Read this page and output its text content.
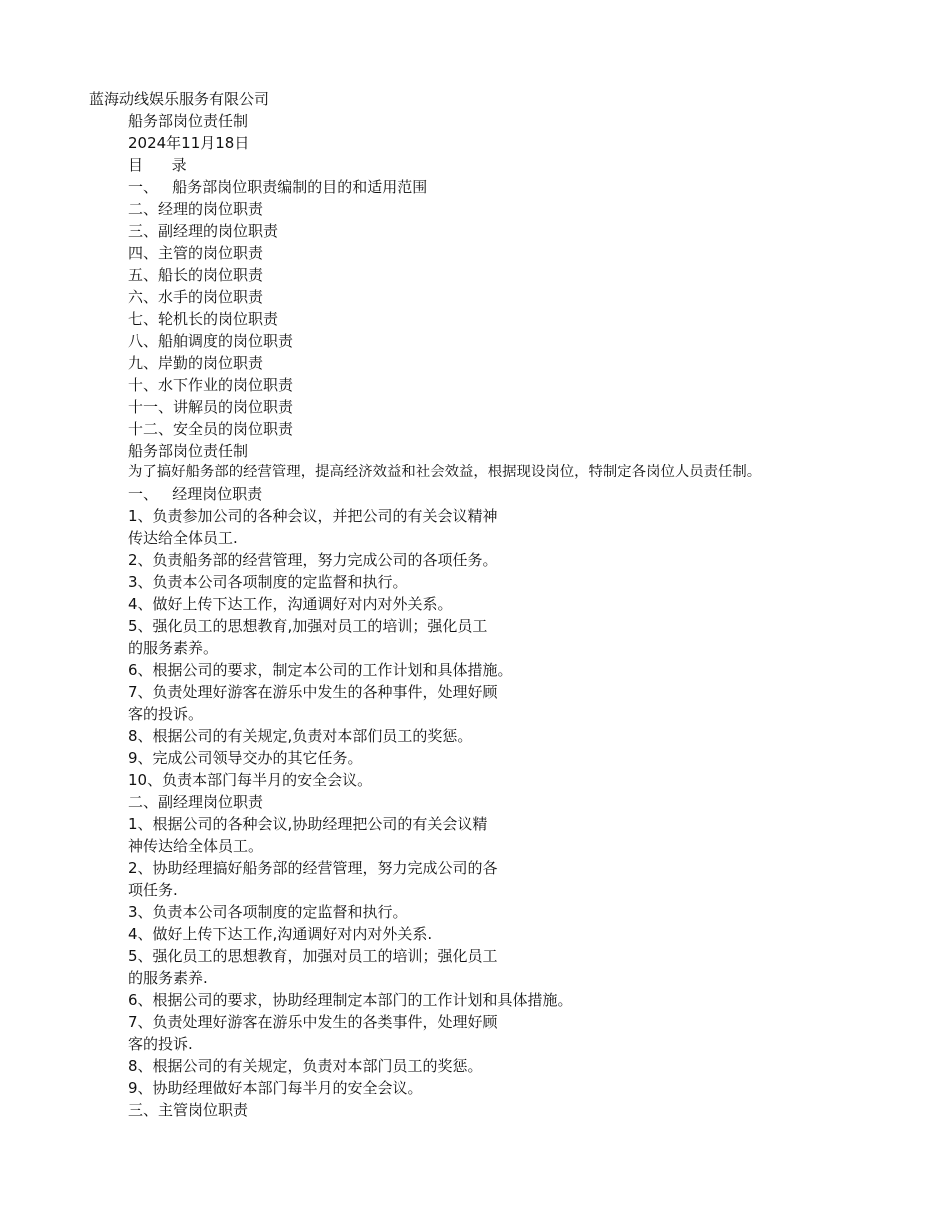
蓝海动线娱乐服务有限公司
船务部岗位责任制
2024年11月18日
目      录
一、   船务部岗位职责编制的目的和适用范围
二、经理的岗位职责
三、副经理的岗位职责
四、主管的岗位职责
五、船长的岗位职责
六、水手的岗位职责
七、轮机长的岗位职责
八、船舶调度的岗位职责
九、岸勤的岗位职责
十、水下作业的岗位职责
十一、讲解员的岗位职责
十二、安全员的岗位职责
船务部岗位责任制
为了搞好船务部的经营管理，提高经济效益和社会效益，根据现设岗位，特制定各岗位人员责任制。
一、   经理岗位职责
1、负责参加公司的各种会议，并把公司的有关会议精神
传达给全体员工.
2、负责船务部的经营管理，努力完成公司的各项任务。
3、负责本公司各项制度的定监督和执行。
4、做好上传下达工作，沟通调好对内对外关系。
5、强化员工的思想教育,加强对员工的培训；强化员工
的服务素养。
6、根据公司的要求，制定本公司的工作计划和具体措施。
7、负责处理好游客在游乐中发生的各种事件，处理好顾
客的投诉。
8、根据公司的有关规定,负责对本部们员工的奖惩。
9、完成公司领导交办的其它任务。
10、负责本部门每半月的安全会议。
二、副经理岗位职责
1、根据公司的各种会议,协助经理把公司的有关会议精
神传达给全体员工。
2、协助经理搞好船务部的经营管理，努力完成公司的各
项任务.
3、负责本公司各项制度的定监督和执行。
4、做好上传下达工作,沟通调好对内对外关系.
5、强化员工的思想教育，加强对员工的培训；强化员工
的服务素养.
6、根据公司的要求，协助经理制定本部门的工作计划和具体措施。
7、负责处理好游客在游乐中发生的各类事件，处理好顾
客的投诉.
8、根据公司的有关规定，负责对本部门员工的奖惩。
9、协助经理做好本部门每半月的安全会议。
三、主管岗位职责
